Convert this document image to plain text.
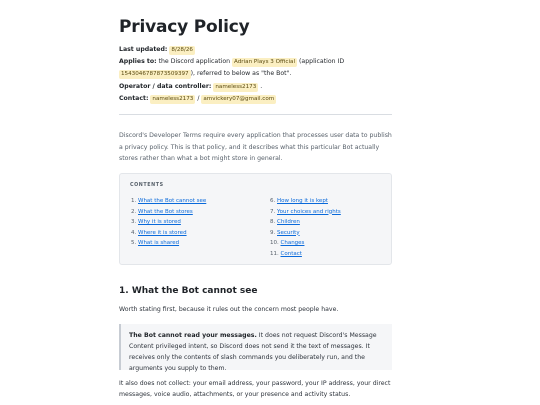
Privacy Policy
Last updated: 8/28/26
Applies to: the Discord application Adrian Plays 3 Official (application ID
1543046787873509397 ), referred to below as "the Bot".
Operator / data controller: nameless2173 .
Contact: nameless2173 / amvickery07@gmail.com
Discord's Developer Terms require every application that processes user data to publish a privacy policy. This is that policy, and it describes what this particular Bot actually stores rather than what a bot might store in general.
CONTENTS
1. What the Bot cannot see
2. What the Bot stores
3. Why it is stored
4. Where it is stored
5. What is shared
6. How long it is kept
7. Your choices and rights
8. Children
9. Security
10. Changes
11. Contact
1. What the Bot cannot see
Worth stating first, because it rules out the concern most people have.
The Bot cannot read your messages. It does not request Discord's Message Content privileged intent, so Discord does not send it the text of messages. It receives only the contents of slash commands you deliberately run, and the arguments you supply to them.
It also does not collect: your email address, your password, your IP address, your direct messages, voice audio, attachments, or your presence and activity status.
